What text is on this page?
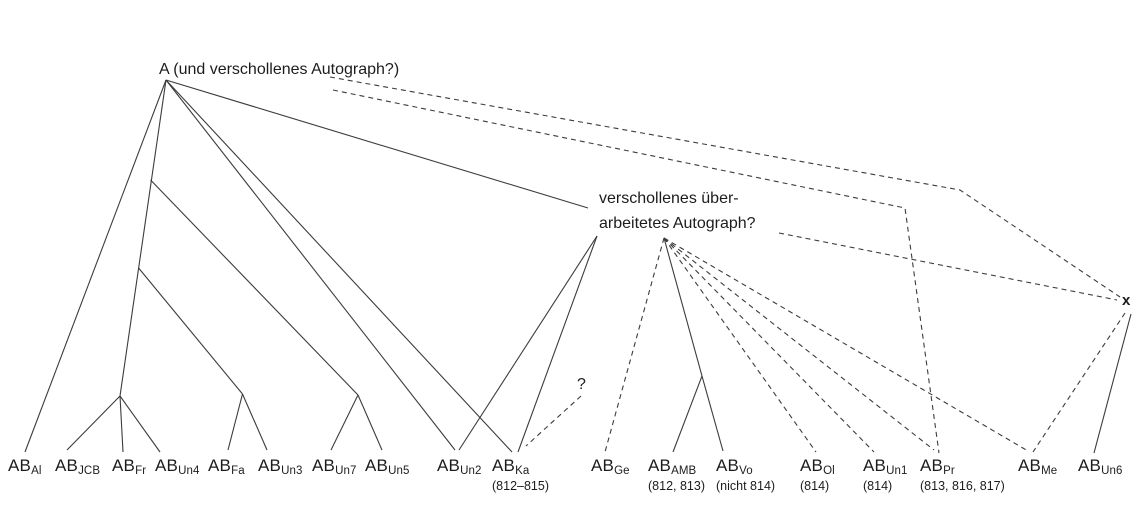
A (und verschollenes Autograph?)
verschollenes über-
arbeitetes Autograph?
x
?
$AB_{Al}$ $AB_{JCB}$ $AB_{Fr}$ $AB_{Un4}$ $AB_{Fa}$ $AB_{Un3}$ $AB_{Un7}$ $AB_{Un5}$ $AB_{Un2}$ $AB_{Ka}$
(812–815)
$AB_{Ge}$ $AB_{AMB}$
(812, 813)
$AB_{Vo}$
(nicht 814)
$AB_{Ol}$
(814)
$AB_{Un1}$
(814)
$AB_{Pr}$
(813, 816, 817)
$AB_{Me}$ $AB_{Un6}$
